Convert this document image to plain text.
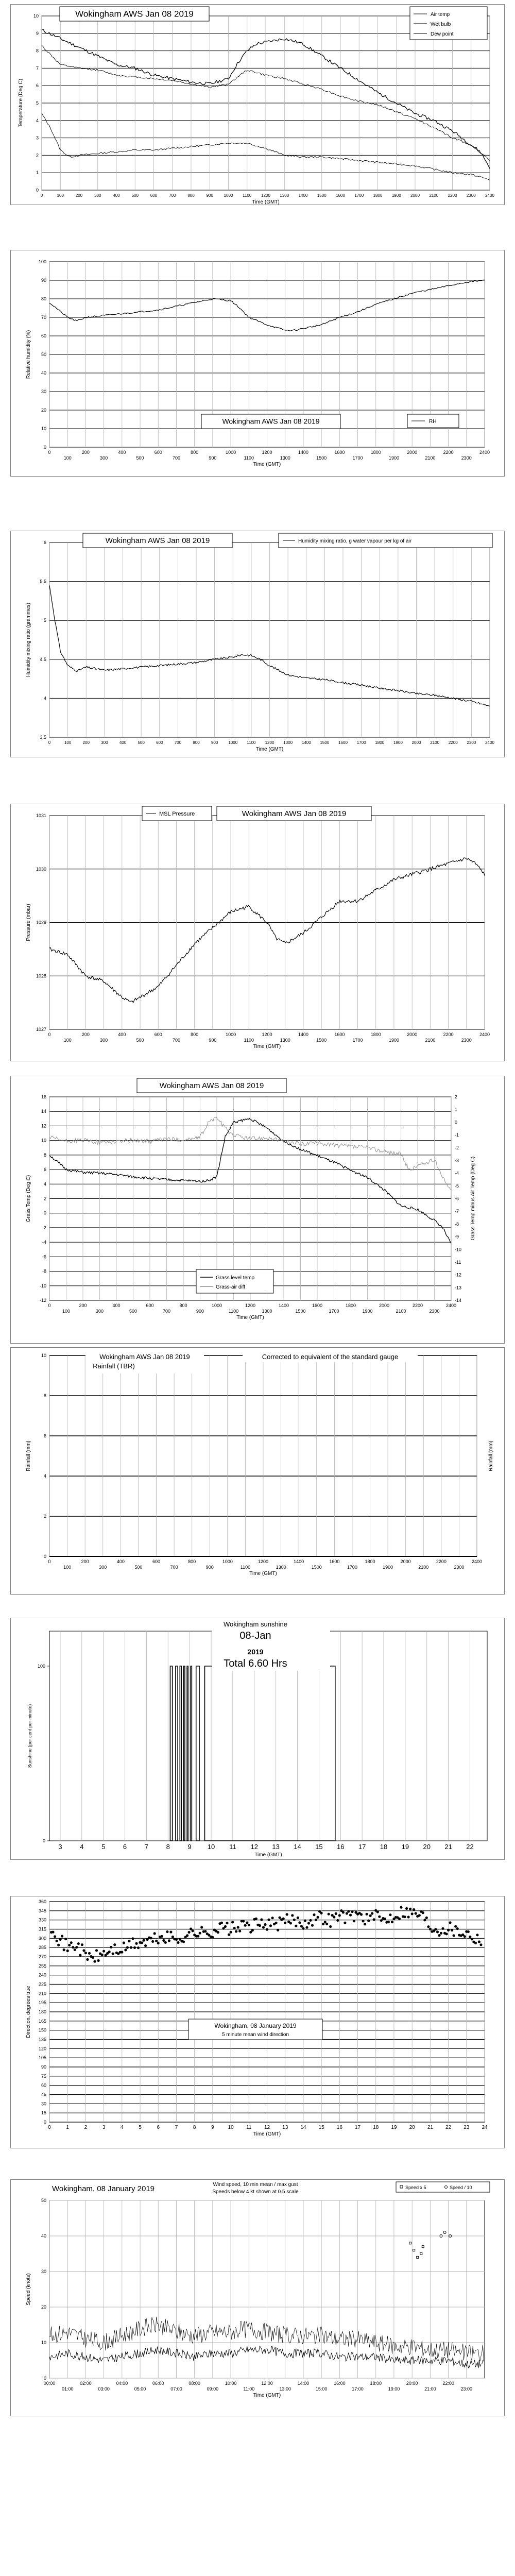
0
1
2
3
4
5
6
7
8
9
10
0	100	200	300	400	500	600	700	800	900	1000 1100 1200 1300 1400 1500 1600 1700 1800 1900 2000 2100 2200 2300 2400
Time (GMT)
Temperature (Deg C)
Wokingham AWS Jan 08 2019	Air temp
Wet bulb
Dew point
0
10
20
30
40
50
60
70
80
90
100
0	200	400	600	800	1000	1200	1400	1600	1800	2000	2200	2400
100	300	500	700	900	1100	1300	1500	1700	1900	2100	2300
Time (GMT)
Relative humidity (%)
Wokingham AWS Jan 08 2019	RH
3.5
4
4.5
5
5.5
6
0	100	200	300	400	500	600	700	800	900	1000 1100 1200 1300 1400 1500 1600 1700 1800 1900 2000 2100 2200 2300 2400
Time (GMT)
Humidity mixing ratio (grammes)
Wokingham AWS Jan 08 2019	Humidity mixing ratio, g water vapour per kg of air
1027
1028
1029
1030
1031
0	200	400	600	800	1000	1200	1400	1600	1800	2000	2200	2400
100	300	500	700	900	1100	1300	1500	1700	1900	2100	2300
Time (GMT)
Pressure (mbar)
MSL Pressure	Wokingham AWS Jan 08 2019
-12
-10
-8
-6
-4
-2
0
2
4
6
8
10
12
14
16
0	200	400	600	800	1000	1200	1400	1600	1800	2000	2200	2400
100	300	500	700	900	1100	1300	1500	1700	1900	2100	2300
Time (GMT)
Grass Temp (Deg C)
-14
-13
-12
-11
-10
-9
-8
-7
-6
-5
-4
-3
-2
-1
0
1
2
Grass Temp minus Air Temp (Deg C)
Wokingham AWS Jan 08 2019
Grass level temp
Grass-air diff
0
2
4
6
8
10
0	200	400	600	800	1000	1200	1400	1600	1800	2000	2200	2400
100	300	500	700	900	1100	1300	1500	1700	1900	2100	2300
Time (GMT)
Rainfall (mm)
Wokingham AWS Jan 08 2019
Rainfall (TBR)
Corrected to equivalent of the standard gauge
Rainfall (mm)
3	4	5	6	7	8	9 10 11 12 13 14 15 16 17 18 19 20 21 22
0
100
Time (GMT)
Sunshine (per cent per minute)
Wokingham sunshine
08-Jan
2019
Total 6.60 Hrs
0
15
30
45
60
75
90
105
120
135
150
165
180
195
210
225
240
255
270
285
300
315
330
345
360
0	1	2	3	4	5	6	7	8	9	10 11 12 13 14 15 16 17 18 19 20 21 22 23 24
Time (GMT)
Direction, degrees true	Wokingham, 08 January 2019
5 minute mean wind direction
0
10
20
30
40
50
00:00	02:00	04:00	06:00	08:00	10:00	12:00	14:00	16:00	18:00	20:00	22:00
01:00	03:00	05:00	07:00	09:00	11:00	13:00	15:00	17:00	19:00	21:00	23:00
Time (GMT)
Speed (knots)
Wokingham, 08 January 2019	Wind speed, 10 min mean / max gust
Speeds below 4 kt shown at 0.5 scale
Speed x 5	Speed / 10
